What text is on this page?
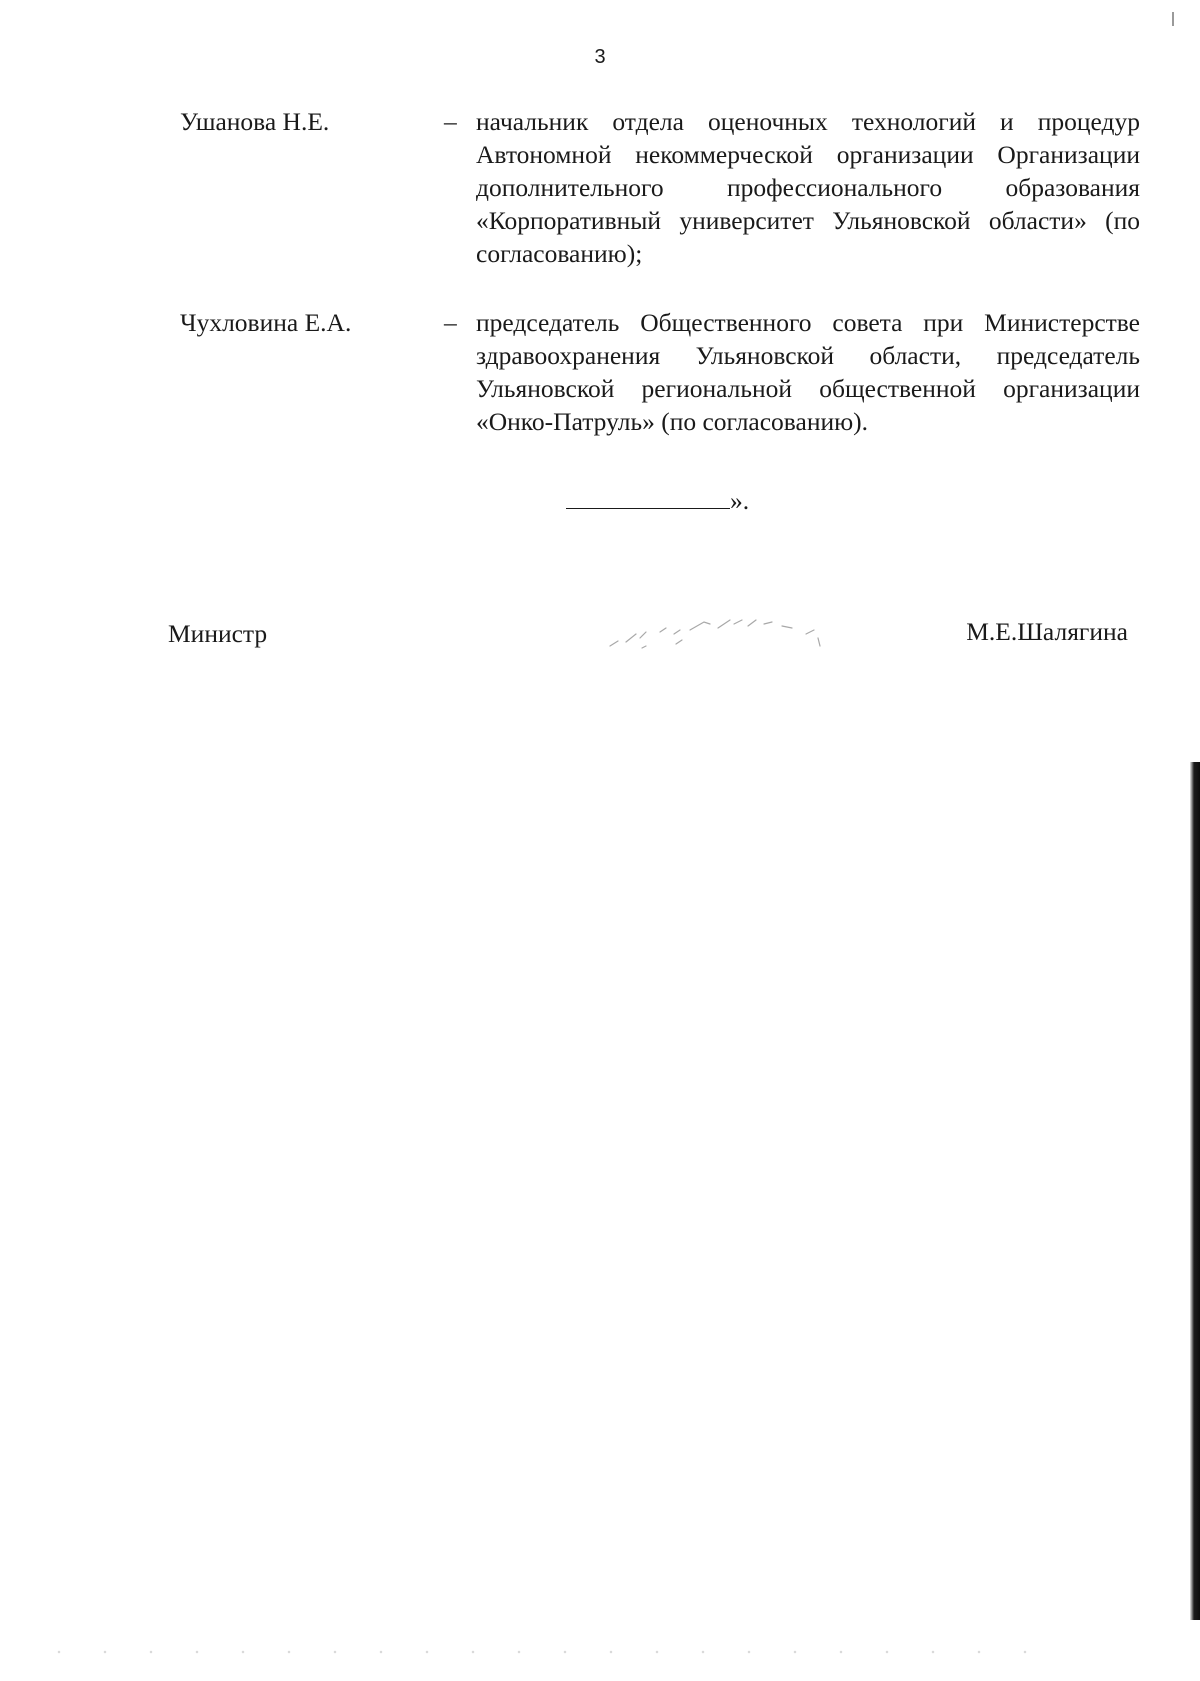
3
Ушанова Н.Е.	– начальник отдела оценочных технологий и процедур Автономной некоммерческой организации Организации дополнительного профессионального образования «Корпоративный университет Ульяновской области» (по согласованию);
Чухловина Е.А.	– председатель Общественного совета при Министерстве здравоохранения Ульяновской области, председатель Ульяновской региональной общественной организации «Онко-Патруль» (по согласованию).
».
Министр	М.Е.Шалягина
